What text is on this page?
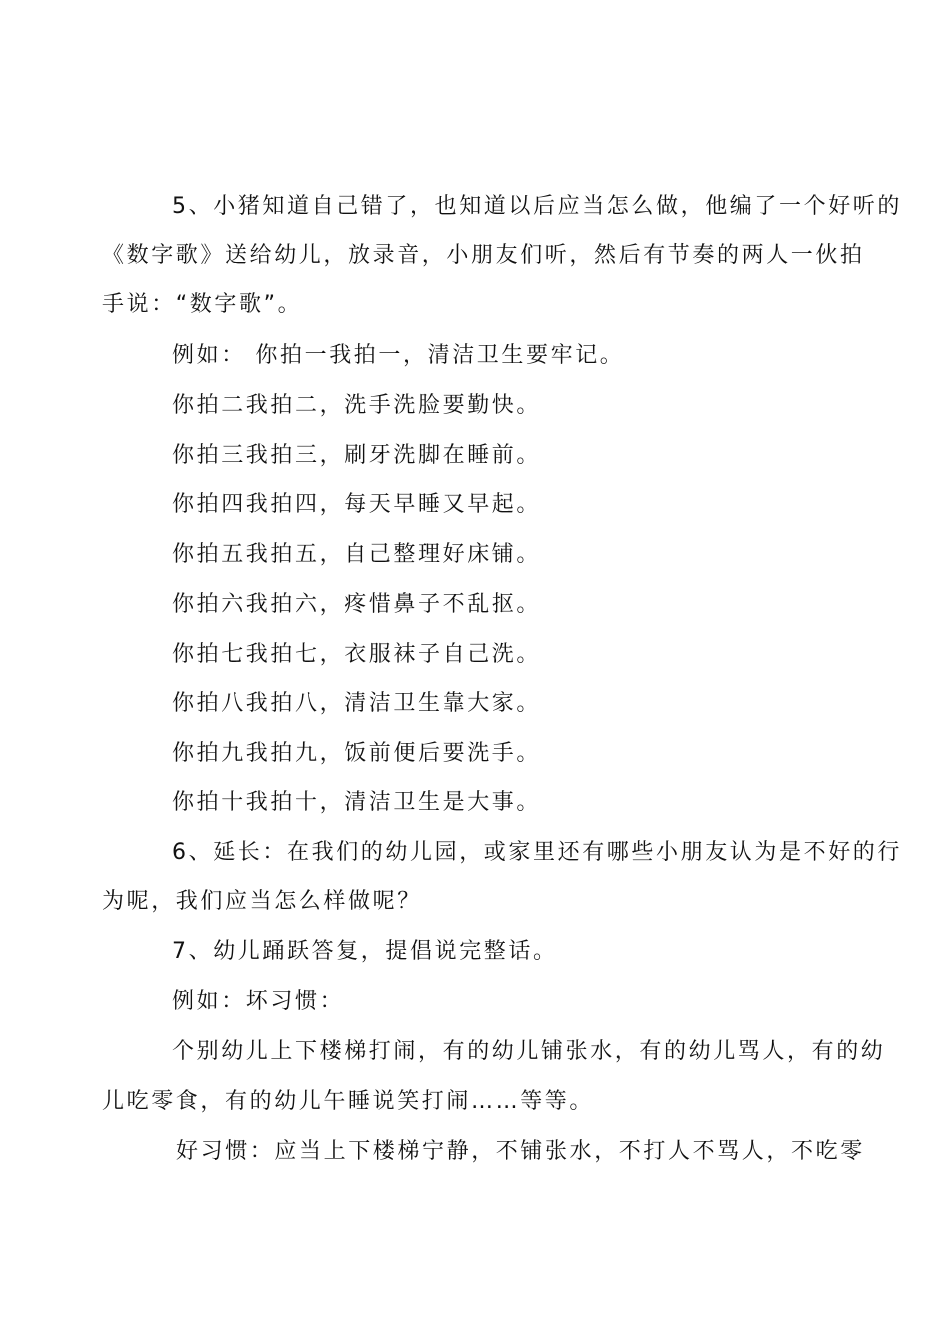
5、小猪知道自己错了，也知道以后应当怎么做，他编了一个好听的
《数字歌》送给幼儿，放录音，小朋友们听，然后有节奏的两人一伙拍
手说：“数字歌”。
例如： 你拍一我拍一，清洁卫生要牢记。
你拍二我拍二，洗手洗脸要勤快。
你拍三我拍三，刷牙洗脚在睡前。
你拍四我拍四，每天早睡又早起。
你拍五我拍五，自己整理好床铺。
你拍六我拍六，疼惜鼻子不乱抠。
你拍七我拍七，衣服袜子自己洗。
你拍八我拍八，清洁卫生靠大家。
你拍九我拍九，饭前便后要洗手。
你拍十我拍十，清洁卫生是大事。
6、延长：在我们的幼儿园，或家里还有哪些小朋友认为是不好的行
为呢，我们应当怎么样做呢？
7、幼儿踊跃答复，提倡说完整话。
例如：坏习惯：
个别幼儿上下楼梯打闹，有的幼儿铺张水，有的幼儿骂人，有的幼
儿吃零食，有的幼儿午睡说笑打闹……等等。
好习惯：应当上下楼梯宁静，不铺张水，不打人不骂人，不吃零
